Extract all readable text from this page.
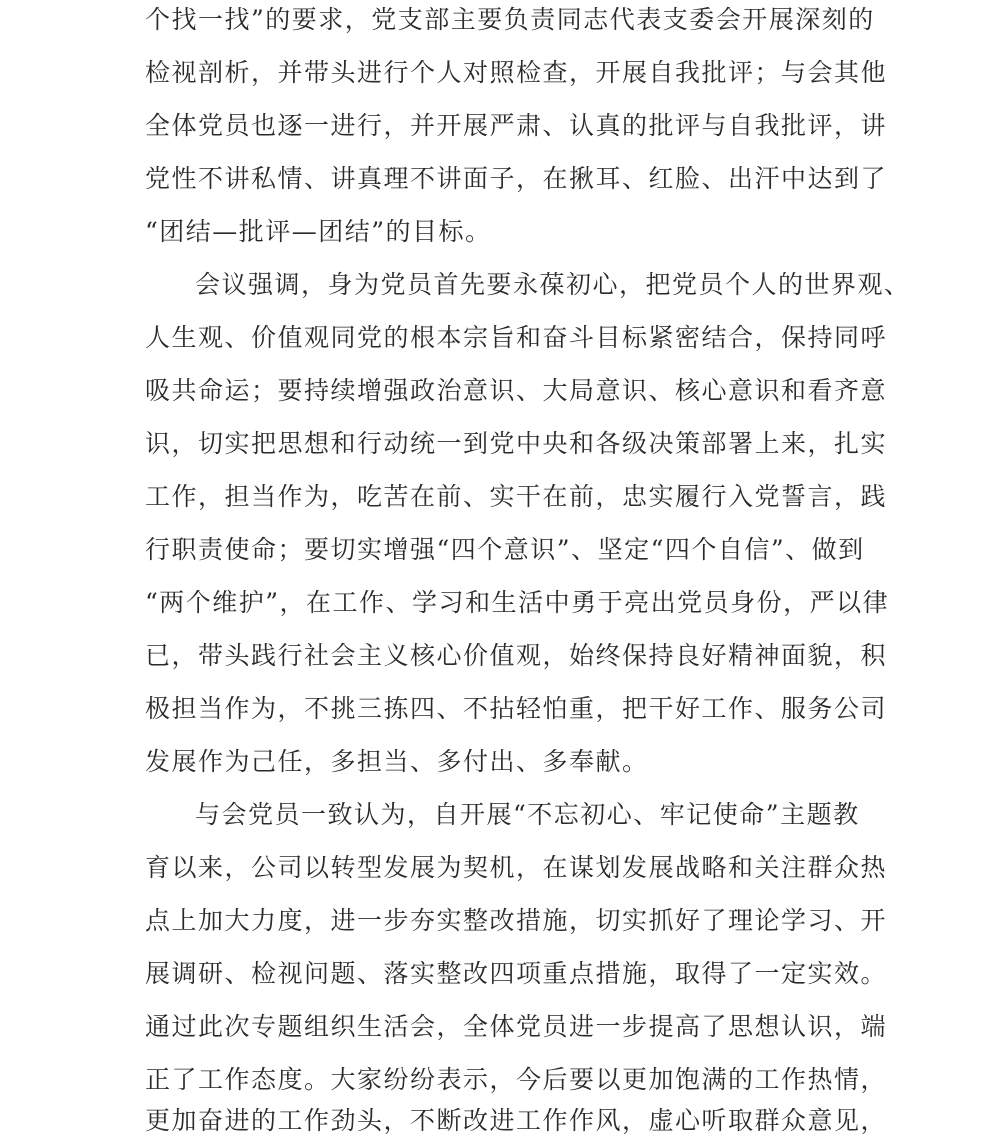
个找一找”的要求，党支部主要负责同志代表支委会开展深刻的
检视剖析，并带头进行个人对照检查，开展自我批评；与会其他
全体党员也逐一进行，并开展严肃、认真的批评与自我批评，讲
党性不讲私情、讲真理不讲面子，在揪耳、红脸、出汗中达到了
“团结—批评—团结”的目标。
会议强调，身为党员首先要永葆初心，把党员个人的世界观、
人生观、价值观同党的根本宗旨和奋斗目标紧密结合，保持同呼
吸共命运；要持续增强政治意识、大局意识、核心意识和看齐意
识，切实把思想和行动统一到党中央和各级决策部署上来，扎实
工作，担当作为，吃苦在前、实干在前，忠实履行入党誓言，践
行职责使命；要切实增强“四个意识”、坚定“四个自信”、做到
“两个维护”，在工作、学习和生活中勇于亮出党员身份，严以律
已，带头践行社会主义核心价值观，始终保持良好精神面貌，积
极担当作为，不挑三拣四、不拈轻怕重，把干好工作、服务公司
发展作为己任，多担当、多付出、多奉献。
与会党员一致认为，自开展“不忘初心、牢记使命”主题教
育以来，公司以转型发展为契机，在谋划发展战略和关注群众热
点上加大力度，进一步夯实整改措施，切实抓好了理论学习、开
展调研、检视问题、落实整改四项重点措施，取得了一定实效。
通过此次专题组织生活会，全体党员进一步提高了思想认识，端
正了工作态度。大家纷纷表示，今后要以更加饱满的工作热情，
更加奋进的工作劲头，不断改进工作作风，虚心听取群众意见，
